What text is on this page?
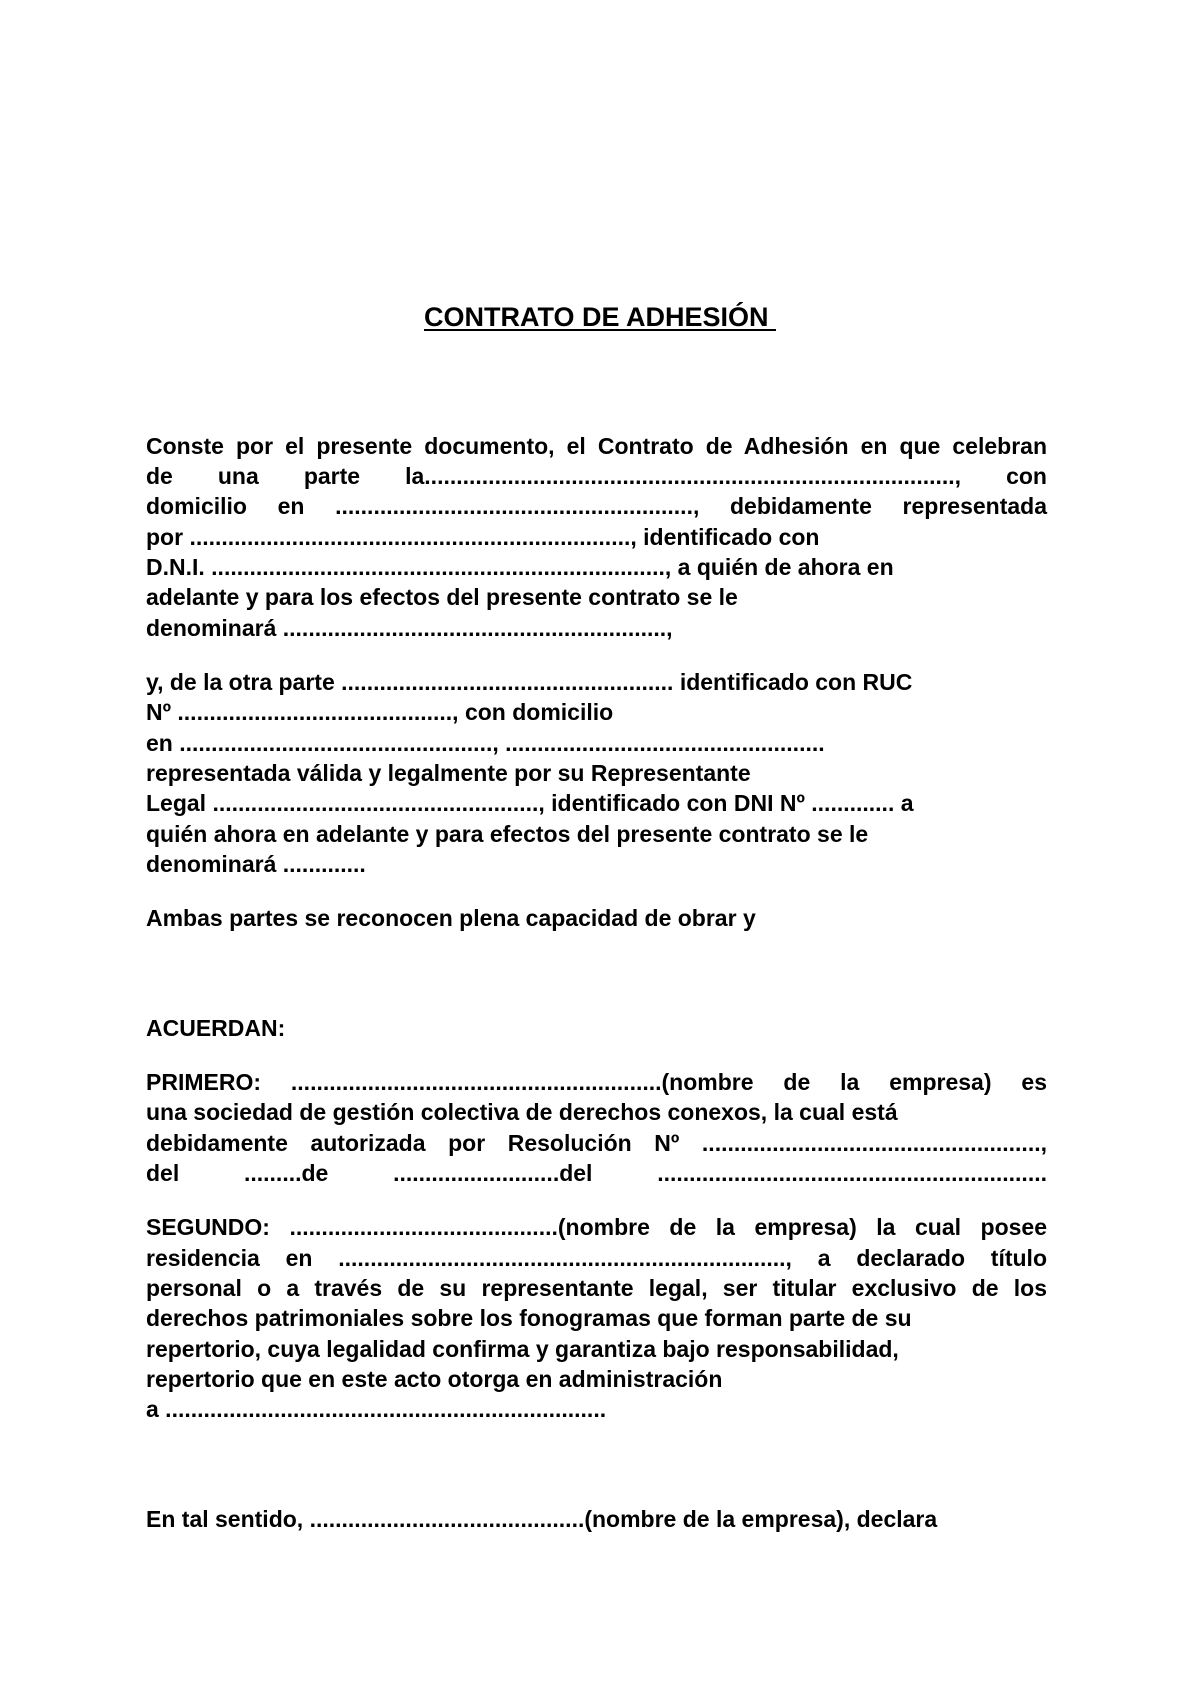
CONTRATO DE ADHESIÓN

Conste por el presente documento, el Contrato de Adhesión en que celebran

de una parte la..................................................................................., con

domicilio en ........................................................, debidamente representada

por ....................................................................., identificado con

D.N.I. ......................................................................., a quién de ahora en

adelante y para los efectos del presente contrato se le

denominará ............................................................,

y, de la otra parte .................................................... identificado con RUC

Nº ..........................................., con domicilio

en ................................................., ..................................................

representada válida y legalmente por su Representante

Legal ..................................................., identificado con DNI Nº ............. a

quién ahora en adelante y para efectos del presente contrato se le

denominará .............

Ambas partes se reconocen plena capacidad de obrar y

ACUERDAN:

PRIMERO: ..........................................................(nombre de la empresa) es

una sociedad de gestión colectiva de derechos conexos, la cual está

debidamente autorizada por Resolución Nº .....................................................,

del .........de ..........................del .............................................................

SEGUNDO: ..........................................(nombre de la empresa) la cual posee

residencia en ......................................................................, a declarado título

personal o a través de su representante legal, ser titular exclusivo de los

derechos patrimoniales sobre los fonogramas que forman parte de su

repertorio, cuya legalidad confirma y garantiza bajo responsabilidad,

repertorio que en este acto otorga en administración

a .....................................................................

En tal sentido, ...........................................(nombre de la empresa), declara
